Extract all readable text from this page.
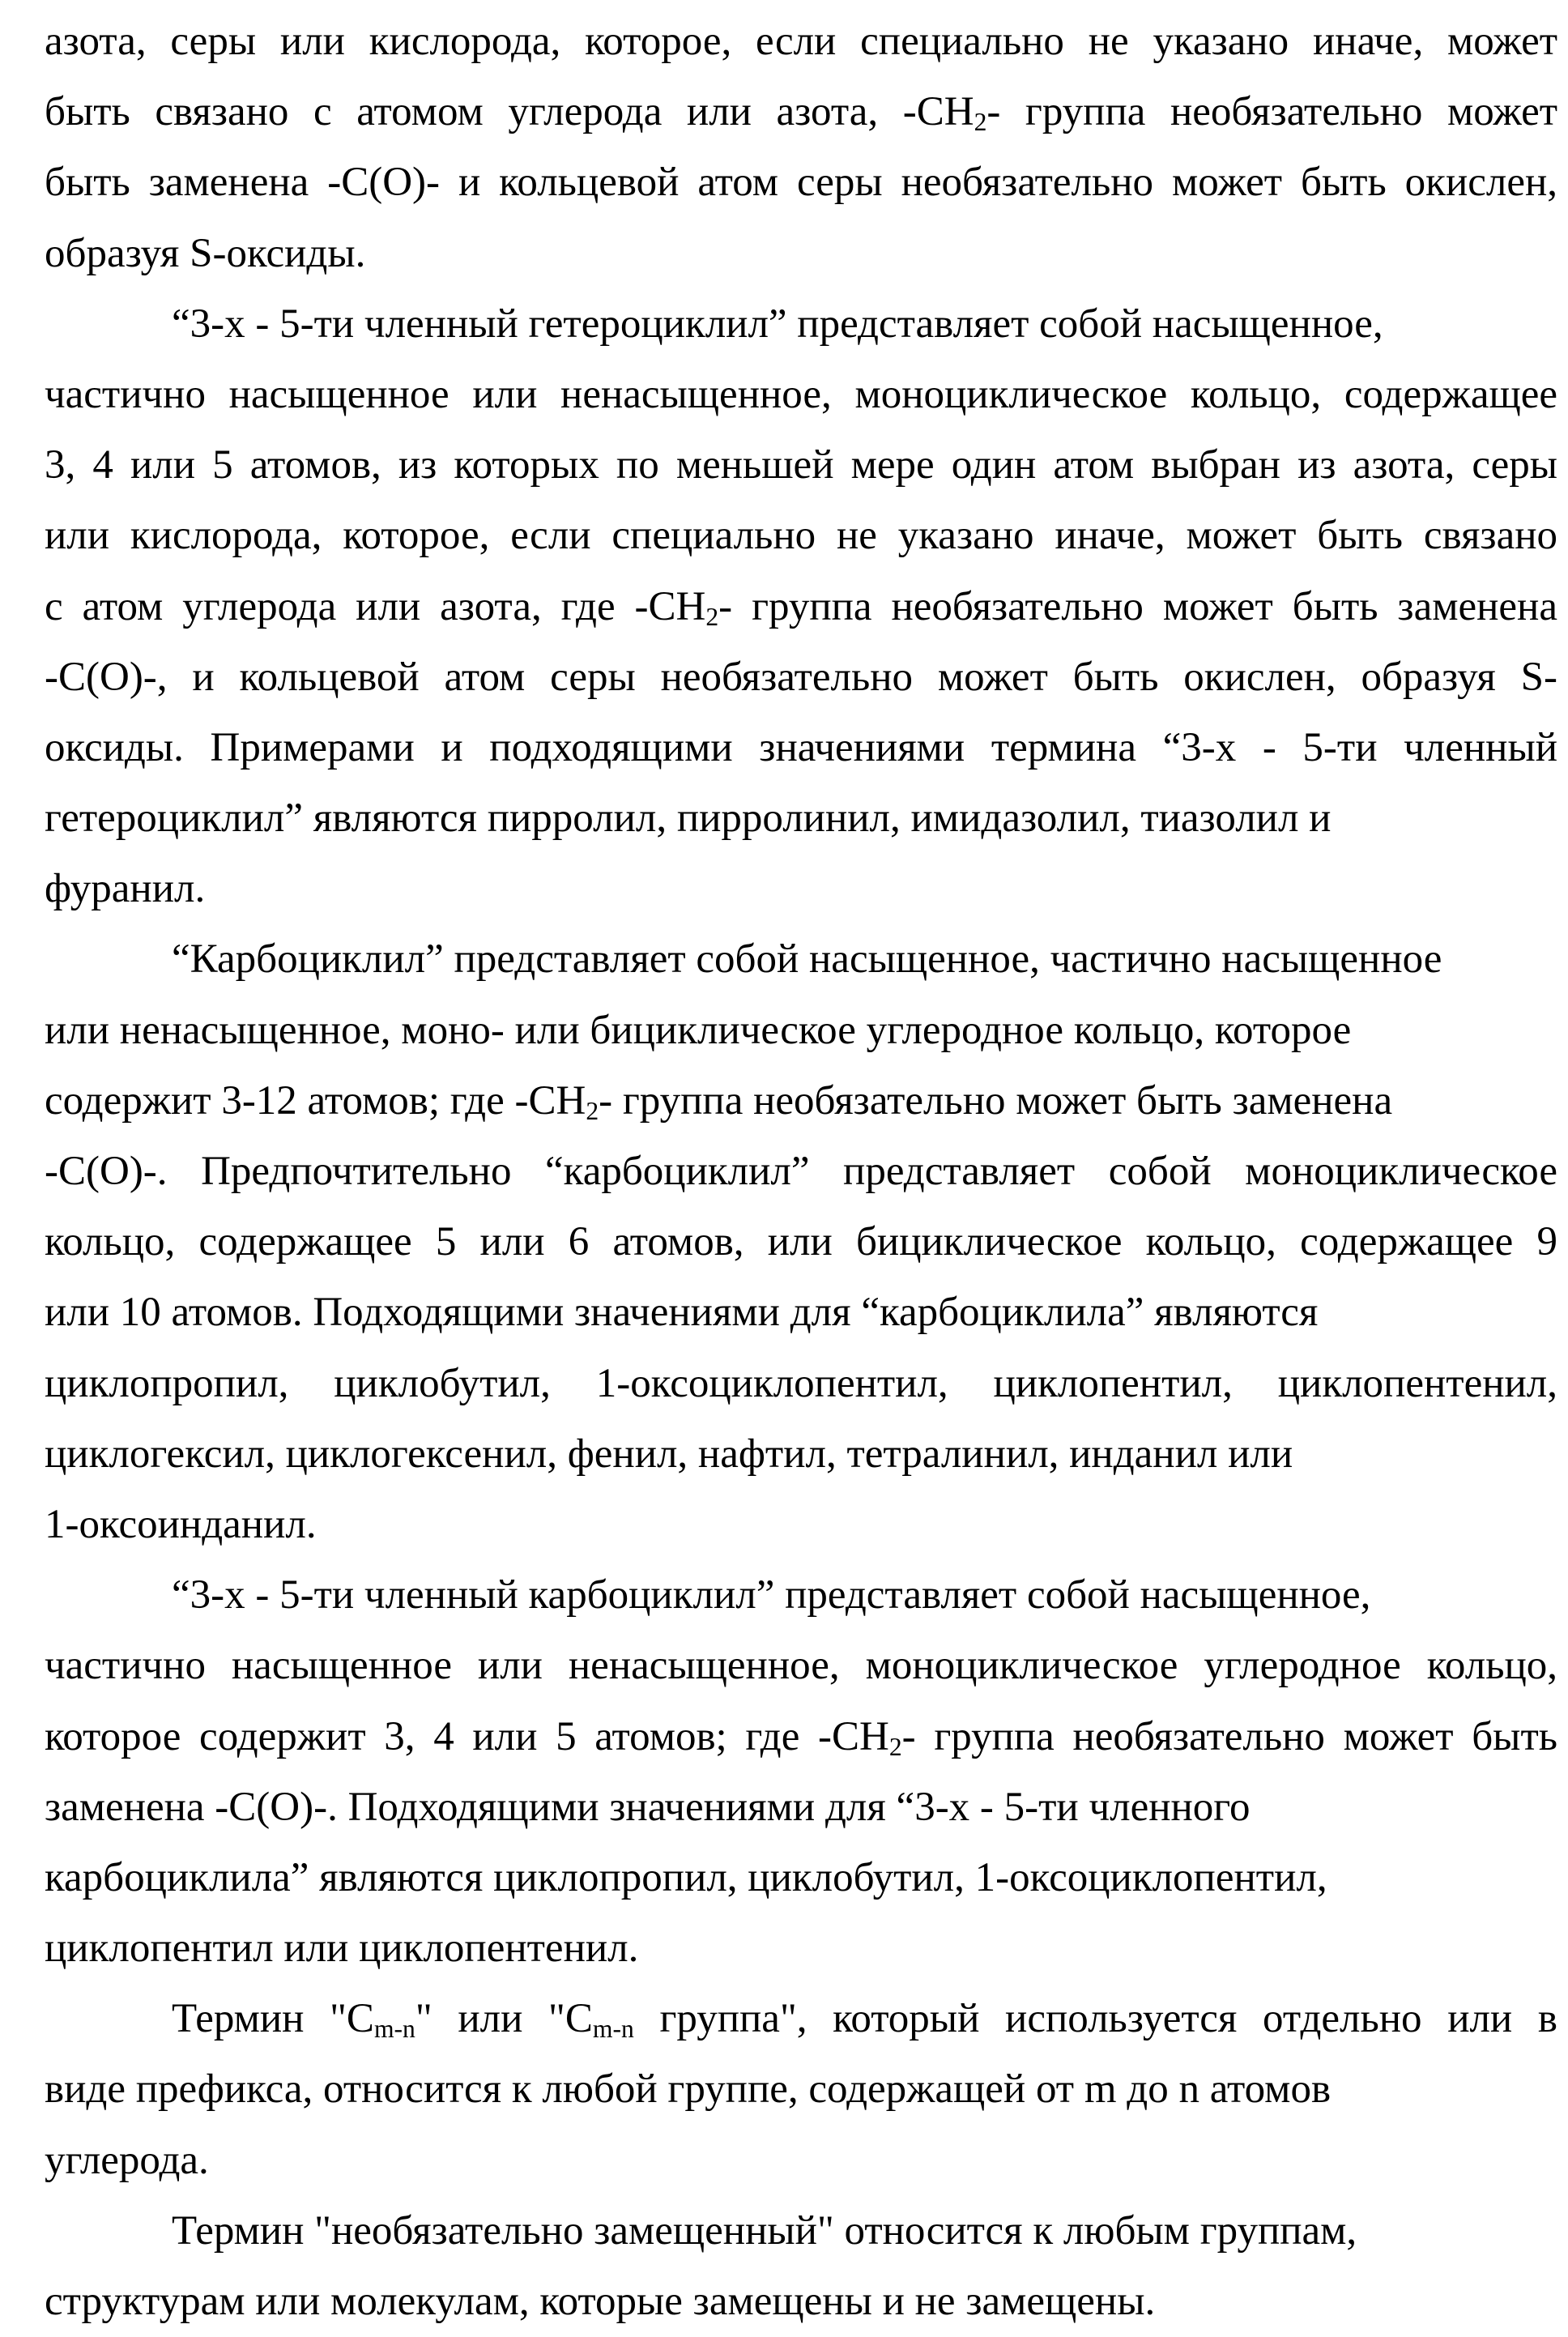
азота, серы или кислорода, которое, если специально не указано иначе, может
быть связано с атомом углерода или азота, -CH2- группа необязательно может
быть заменена -C(O)- и кольцевой атом серы необязательно может быть окислен,
образуя S-оксиды.
“3-х - 5-ти членный гетероциклил” представляет собой насыщенное,
частично насыщенное или ненасыщенное, моноциклическое кольцо, содержащее
3, 4 или 5 атомов, из которых по меньшей мере один атом выбран из азота, серы
или кислорода, которое, если специально не указано иначе, может быть связано
с атом углерода или азота, где -CH2- группа необязательно может быть заменена
-C(O)-, и кольцевой атом серы необязательно может быть окислен, образуя S-
оксиды. Примерами и подходящими значениями термина “3-х - 5-ти членный
гетероциклил” являются пирролил, пирролинил, имидазолил, тиазолил и
фуранил.
“Карбоциклил” представляет собой насыщенное, частично насыщенное
или ненасыщенное, моно- или бициклическое углеродное кольцо, которое
содержит 3-12 атомов; где -CH2- группа необязательно может быть заменена
-C(O)-. Предпочтительно “карбоциклил” представляет собой моноциклическое
кольцо, содержащее 5 или 6 атомов, или бициклическое кольцо, содержащее 9
или 10 атомов. Подходящими значениями для “карбоциклила” являются
циклопропил, циклобутил, 1-оксоциклопентил, циклопентил, циклопентенил,
циклогексил, циклогексенил, фенил, нафтил, тетралинил, инданил или
1-оксоинданил.
“3-х - 5-ти членный карбоциклил” представляет собой насыщенное,
частично насыщенное или ненасыщенное, моноциклическое углеродное кольцо,
которое содержит 3, 4 или 5 атомов; где -CH2- группа необязательно может быть
заменена -C(O)-. Подходящими значениями для “3-х - 5-ти членного
карбоциклила” являются циклопропил, циклобутил, 1-оксоциклопентил,
циклопентил или циклопентенил.
Термин "Cm-n" или "Cm-n группа", который используется отдельно или в
виде префикса, относится к любой группе, содержащей от m до n атомов
углерода.
Термин "необязательно замещенный" относится к любым группам,
структурам или молекулам, которые замещены и не замещены.
